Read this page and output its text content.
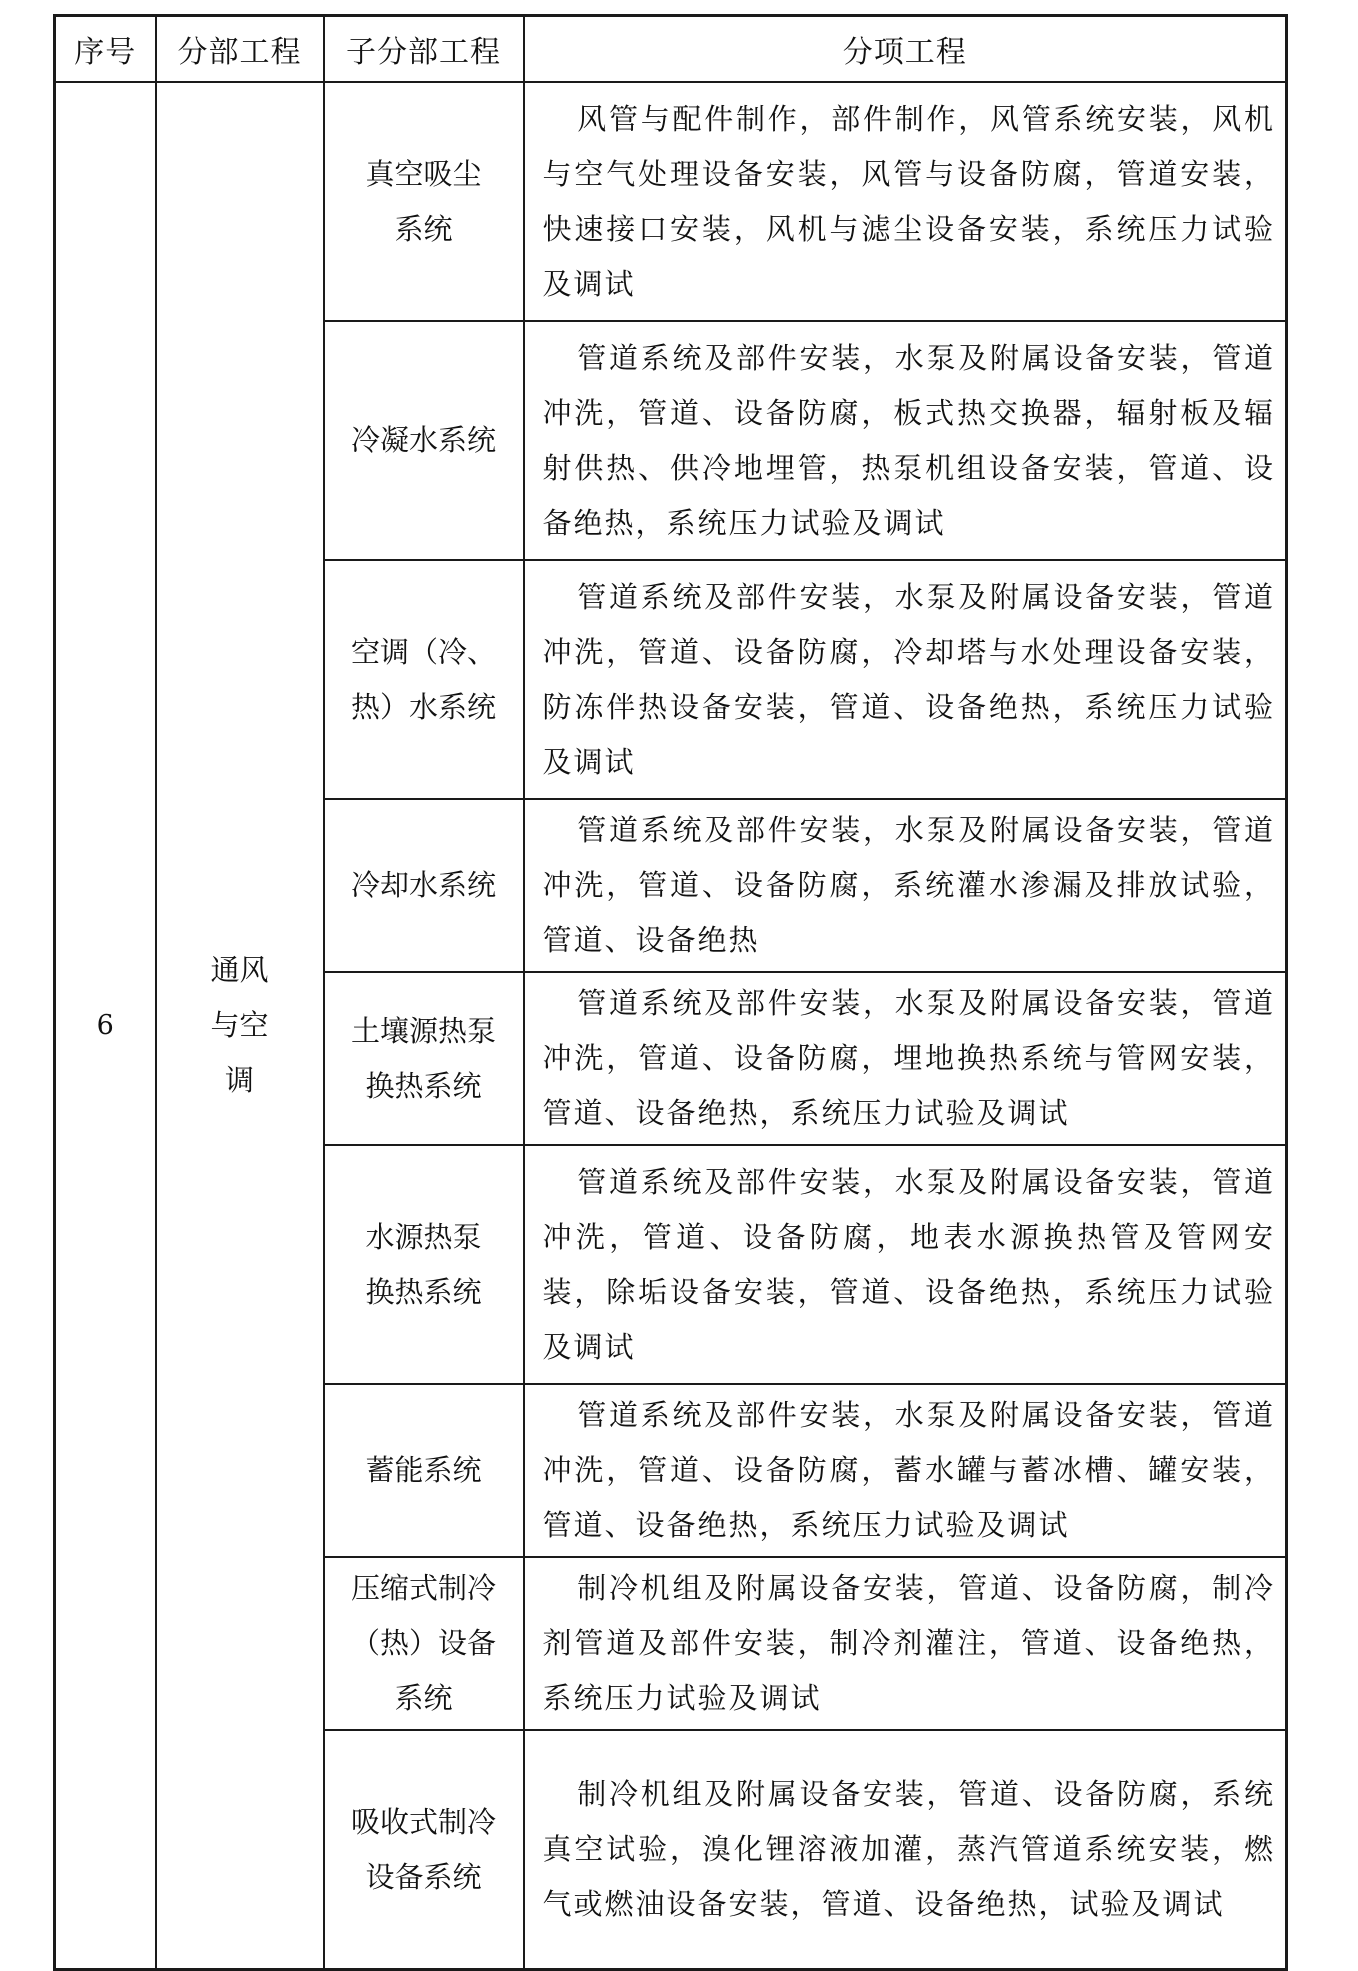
序号	分部工程	子分部工程	分项工程
6	通风与空调	真空吸尘系统	风管与配件制作，部件制作，风管系统安装，风机与空气处理设备安装，风管与设备防腐，管道安装，快速接口安装，风机与滤尘设备安装，系统压力试验及调试

		冷凝水系统	管道系统及部件安装，水泵及附属设备安装，管道冲洗，管道、设备防腐，板式热交换器，辐射板及辐射供热、供冷地埋管，热泵机组设备安装，管道、设备绝热，系统压力试验及调试

		空调（冷、热）水系统	管道系统及部件安装，水泵及附属设备安装，管道冲洗，管道、设备防腐，冷却塔与水处理设备安装，防冻伴热设备安装，管道、设备绝热，系统压力试验及调试

		冷却水系统	管道系统及部件安装，水泵及附属设备安装，管道冲洗，管道、设备防腐，系统灌水渗漏及排放试验，管道、设备绝热

		土壤源热泵换热系统	管道系统及部件安装，水泵及附属设备安装，管道冲洗，管道、设备防腐，埋地换热系统与管网安装，管道、设备绝热，系统压力试验及调试

		水源热泵换热系统	管道系统及部件安装，水泵及附属设备安装，管道冲洗，管道、设备防腐，地表水源换热管及管网安装，除垢设备安装，管道、设备绝热，系统压力试验及调试

		蓄能系统	管道系统及部件安装，水泵及附属设备安装，管道冲洗，管道、设备防腐，蓄水罐与蓄冰槽、罐安装，管道、设备绝热，系统压力试验及调试

		压缩式制冷（热）设备系统	制冷机组及附属设备安装，管道、设备防腐，制冷剂管道及部件安装，制冷剂灌注，管道、设备绝热，系统压力试验及调试

		吸收式制冷设备系统	制冷机组及附属设备安装，管道、设备防腐，系统真空试验，溴化锂溶液加灌，蒸汽管道系统安装，燃气或燃油设备安装，管道、设备绝热，试验及调试
